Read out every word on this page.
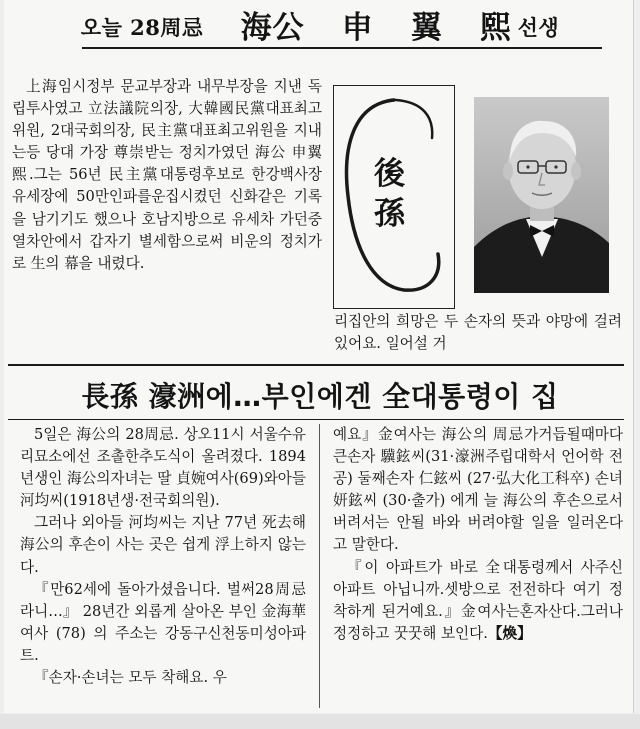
오늘 28周忌 海公 申 翼 熙 선생

上海임시정부 문교부장과 내무부장을 지낸 독립투사였고 立法議院의장, 大韓國民黨대표최고위원, 2대국회의장, 民主黨대표최고위원을 지내는등 당대 가장 尊崇받는 정치가였던 海公 申翼熙.그는 56년 民主黨대통령후보로 한강백사장 유세장에 50만인파를운집시켰던 신화같은 기록을 남기기도 했으나 호남지방으로 유세차 가던중 열차안에서 갑자기 별세함으로써 비운의 정치가로 生의 幕을 내렸다.

後
孫
리집안의 희망은 두 손자의 뜻과 야망에 걸려 있어요. 일어설 거
長孫 濠洲에…부인에겐 全대통령이 집

5일은 海公의 28周忌. 상오11시 서울수유리묘소에선 조촐한추도식이 올려졌다. 1894년생인 海公의자녀는 딸 貞婉여사(69)와아들河均씨(1918년생·전국회의원).

그러나 외아들 河均씨는 지난 77년 死去해 海公의 후손이 사는 곳은 쉽게 浮上하지 않는다.

『만62세에 돌아가셨읍니다. 벌써28周忌라니…』 28년간 외롭게 살아온 부인 金海華여사 (78) 의 주소는 강동구신천동미성아파트.

『손자·손녀는 모두 착해요. 우

예요』金여사는 海公의 周忌가거듭될때마다 큰손자 驥鉉씨(31·濠洲주립대학서 언어학 전공) 둘째손자 仁鉉씨 (27·弘大化工科卒) 손녀 妍鉉씨 (30·출가) 에게 늘 海公의 후손으로서 버려서는 안될 바와 버려야할 일을 일러온다고 말한다.

『이 아파트가 바로 全대통령께서 사주신 아파트 아닙니까.셋방으로 전전하다 여기 정착하게 된거예요.』金여사는혼자산다.그러나 정정하고 꿋꿋해 보인다.【煥】
